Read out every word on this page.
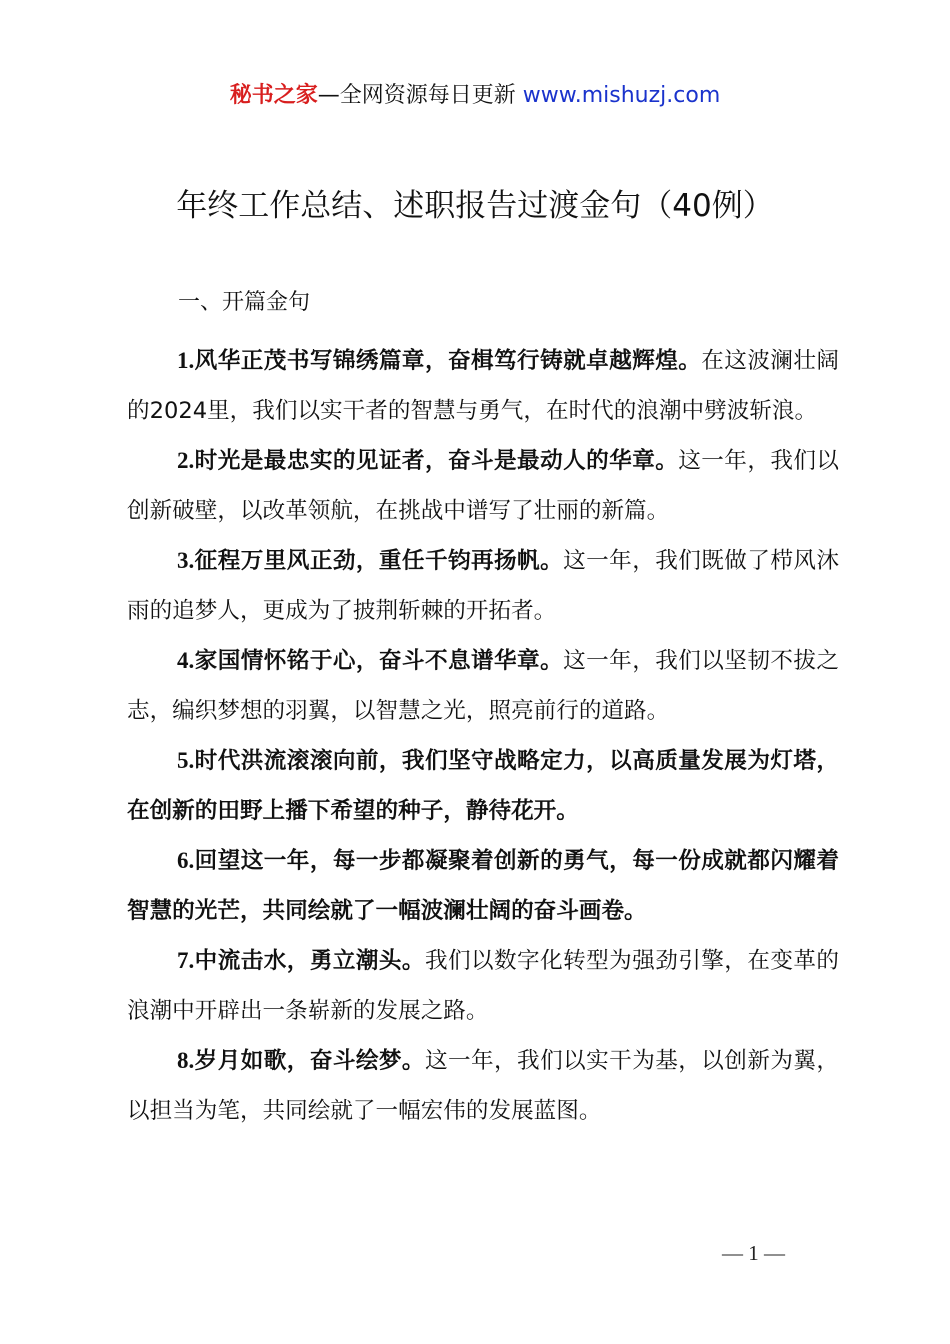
秘书之家—全网资源每日更新 www.mishuzj.com
年终工作总结、述职报告过渡金句（40例）
一、开篇金句

1.风华正茂书写锦绣篇章，奋楫笃行铸就卓越辉煌。在这波澜壮阔的2024里，我们以实干者的智慧与勇气，在时代的浪潮中劈波斩浪。

2.时光是最忠实的见证者，奋斗是最动人的华章。这一年，我们以创新破壁，以改革领航，在挑战中谱写了壮丽的新篇。

3.征程万里风正劲，重任千钧再扬帆。这一年，我们既做了栉风沐雨的追梦人，更成为了披荆斩棘的开拓者。

4.家国情怀铭于心，奋斗不息谱华章。这一年，我们以坚韧不拔之志，编织梦想的羽翼，以智慧之光，照亮前行的道路。

5.时代洪流滚滚向前，我们坚守战略定力，以高质量发展为灯塔，在创新的田野上播下希望的种子，静待花开。

6.回望这一年，每一步都凝聚着创新的勇气，每一份成就都闪耀着智慧的光芒，共同绘就了一幅波澜壮阔的奋斗画卷。

7.中流击水，勇立潮头。我们以数字化转型为强劲引擎，在变革的浪潮中开辟出一条崭新的发展之路。

8.岁月如歌，奋斗绘梦。这一年，我们以实干为基，以创新为翼，以担当为笔，共同绘就了一幅宏伟的发展蓝图。

— 1 —
